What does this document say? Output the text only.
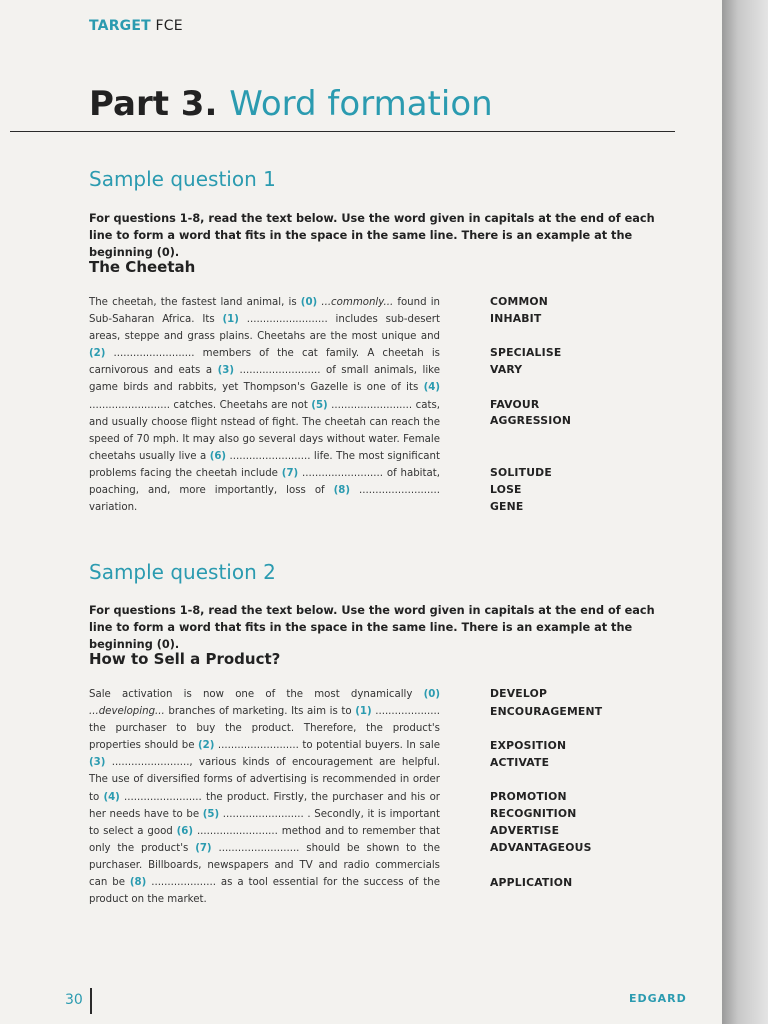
TARGET FCE
Part 3. Word formation
Sample question 1

For questions 1-8, read the text below. Use the word given in capitals at the end of each line to form a word that fits in the space in the same line. There is an example at the beginning (0).

The Cheetah

The cheetah, the fastest land animal, is (0) ...commonly... found in Sub-Saharan Africa. Its (1) ......................... includes sub-desert areas, steppe and grass plains. Cheetahs are the most unique and (2) ......................... members of the cat family. A cheetah is carnivorous and eats a (3) ......................... of small animals, like game birds and rabbits, yet Thompson's Gazelle is one of its (4) ......................... catches. Cheetahs are not (5) ......................... cats, and usually choose flight nstead of fight. The cheetah can reach the speed of 70 mph. It may also go several days without water. Female cheetahs usually live a (6) ......................... life. The most significant problems facing the cheetah include (7) ......................... of habitat, poaching, and, more importantly, loss of (8) ......................... variation.

COMMON
INHABIT
SPECIALISE
VARY
FAVOUR
AGGRESSION
SOLITUDE
LOSE
GENE
Sample question 2

For questions 1-8, read the text below. Use the word given in capitals at the end of each line to form a word that fits in the space in the same line. There is an example at the beginning (0).

How to Sell a Product?

Sale activation is now one of the most dynamically (0) ...developing... branches of marketing. Its aim is to (1) .................... the purchaser to buy the product. Therefore, the product's properties should be (2) ......................... to potential buyers. In sale (3) ........................, various kinds of encouragement are helpful. The use of diversified forms of advertising is recommended in order to (4) ........................ the product. Firstly, the purchaser and his or her needs have to be (5) ......................... . Secondly, it is important to select a good (6) ......................... method and to remember that only the product's (7) ......................... should be shown to the purchaser. Billboards, newspapers and TV and radio commercials can be (8) .................... as a tool essential for the success of the product on the market.

DEVELOP
ENCOURAGEMENT
EXPOSITION
ACTIVATE
PROMOTION
RECOGNITION
ADVERTISE
ADVANTAGEOUS
APPLICATION
30	EDGARD
